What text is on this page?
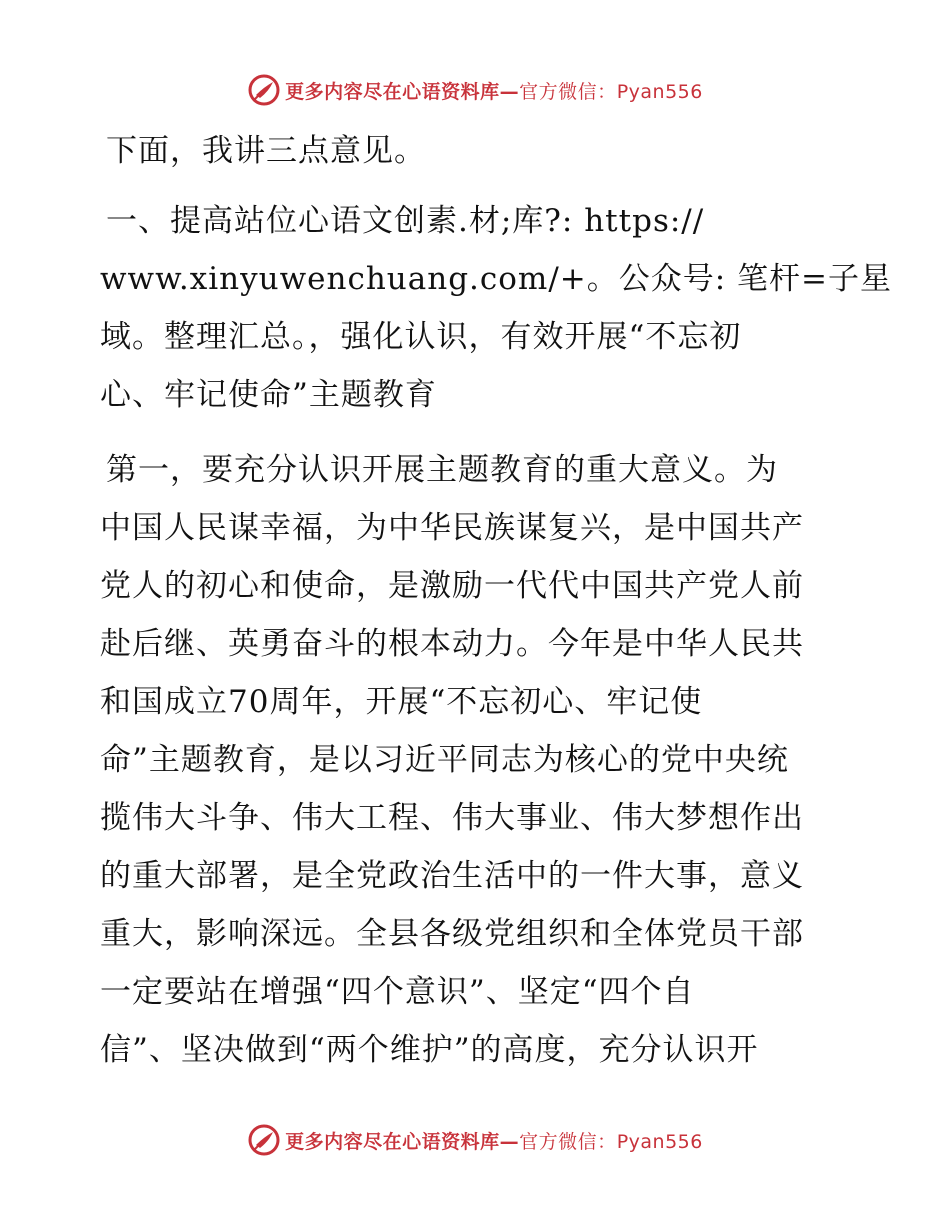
更多内容尽在心语资料库—官方微信：Pyan556
下面，我讲三点意见。
一、提高站位心语文创素.材;库?: https://
www.xinyuwenchuang.com/+。公众号: 笔杆=子星
域。整理汇总。，强化认识，有效开展“不忘初
心、牢记使命”主题教育
第一，要充分认识开展主题教育的重大意义。为
中国人民谋幸福，为中华民族谋复兴，是中国共产
党人的初心和使命，是激励一代代中国共产党人前
赴后继、英勇奋斗的根本动力。今年是中华人民共
和国成立70周年，开展“不忘初心、牢记使
命”主题教育，是以习近平同志为核心的党中央统
揽伟大斗争、伟大工程、伟大事业、伟大梦想作出
的重大部署，是全党政治生活中的一件大事，意义
重大，影响深远。全县各级党组织和全体党员干部
一定要站在增强“四个意识”、坚定“四个自
信”、坚决做到“两个维护”的高度，充分认识开
更多内容尽在心语资料库—官方微信：Pyan556
